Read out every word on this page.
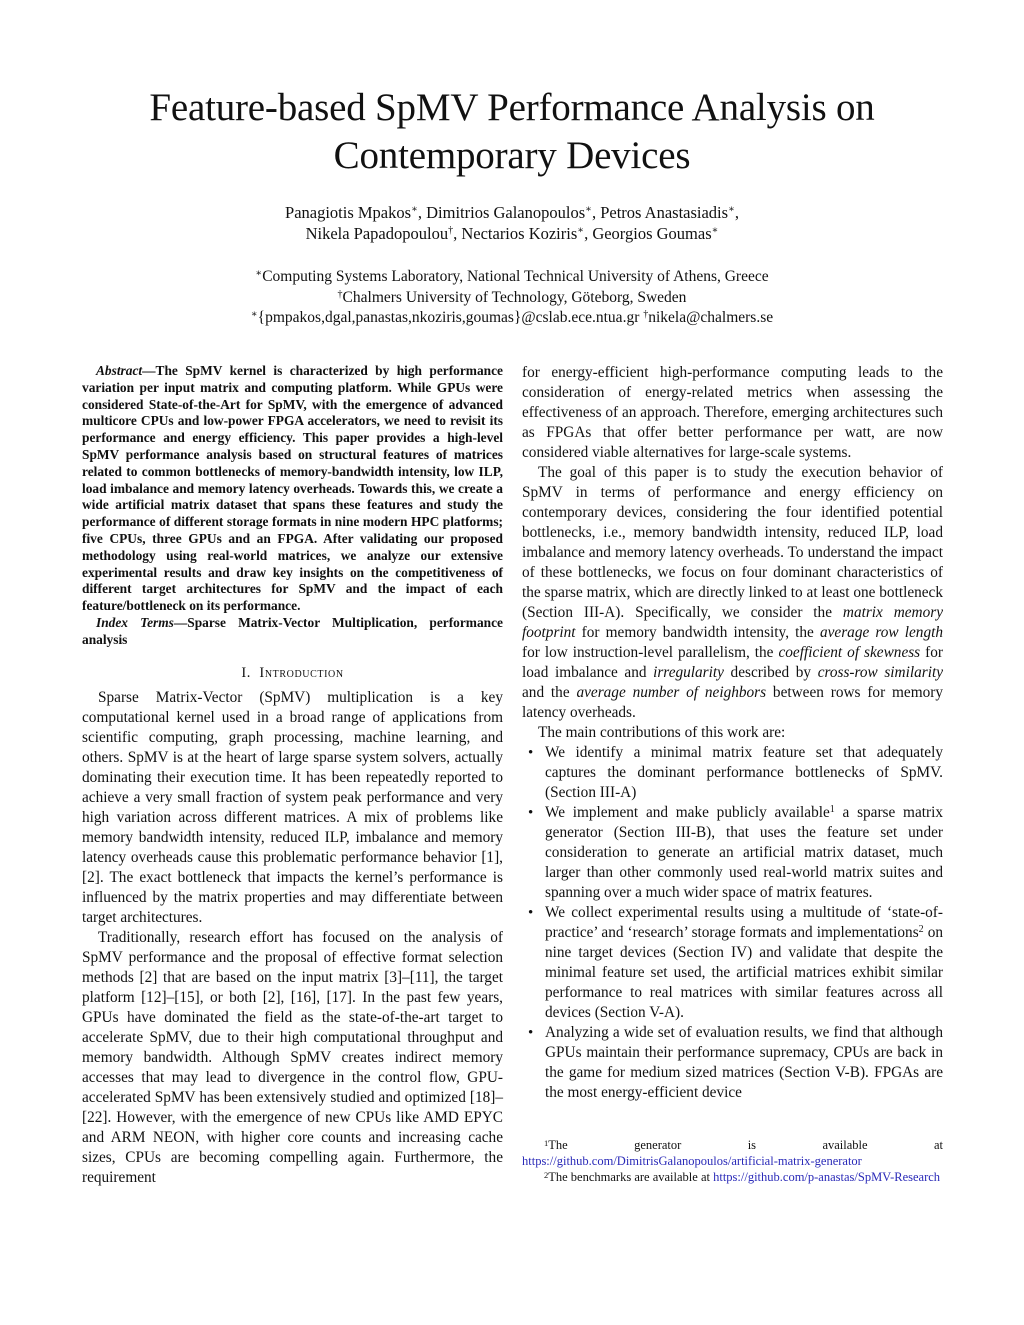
Feature-based SpMV Performance Analysis on
Contemporary Devices
Panagiotis Mpakos∗, Dimitrios Galanopoulos∗, Petros Anastasiadis∗,
Nikela Papadopoulou†, Nectarios Koziris∗, Georgios Goumas∗
∗Computing Systems Laboratory, National Technical University of Athens, Greece
†Chalmers University of Technology, Göteborg, Sweden
∗{pmpakos,dgal,panastas,nkoziris,goumas}@cslab.ece.ntua.gr †nikela@chalmers.se

Abstract—The SpMV kernel is characterized by high performance variation per input matrix and computing platform. While GPUs were considered State-of-the-Art for SpMV, with the emergence of advanced multicore CPUs and low-power FPGA accelerators, we need to revisit its performance and energy efficiency. This paper provides a high-level SpMV performance analysis based on structural features of matrices related to common bottlenecks of memory-bandwidth intensity, low ILP, load imbalance and memory latency overheads. Towards this, we create a wide artificial matrix dataset that spans these features and study the performance of different storage formats in nine modern HPC platforms; five CPUs, three GPUs and an FPGA. After validating our proposed methodology using real-world matrices, we analyze our extensive experimental results and draw key insights on the competitiveness of different target architectures for SpMV and the impact of each feature/bottleneck on its performance.

Index Terms—Sparse Matrix-Vector Multiplication, performance analysis

I. Introduction

Sparse Matrix-Vector (SpMV) multiplication is a key computational kernel used in a broad range of applications from scientific computing, graph processing, machine learning, and others. SpMV is at the heart of large sparse system solvers, actually dominating their execution time. It has been repeatedly reported to achieve a very small fraction of system peak performance and very high variation across different matrices. A mix of problems like memory bandwidth intensity, reduced ILP, imbalance and memory latency overheads cause this problematic performance behavior [1], [2]. The exact bottleneck that impacts the kernel’s performance is influenced by the matrix properties and may differentiate between target architectures.

Traditionally, research effort has focused on the analysis of SpMV performance and the proposal of effective format selection methods [2] that are based on the input matrix [3]–[11], the target platform [12]–[15], or both [2], [16], [17]. In the past few years, GPUs have dominated the field as the state-of-the-art target to accelerate SpMV, due to their high computational throughput and memory bandwidth. Although SpMV creates indirect memory accesses that may lead to divergence in the control flow, GPU-accelerated SpMV has been extensively studied and optimized [18]–[22]. However, with the emergence of new CPUs like AMD EPYC and ARM NEON, with higher core counts and increasing cache sizes, CPUs are becoming compelling again. Furthermore, the requirement

for energy-efficient high-performance computing leads to the consideration of energy-related metrics when assessing the effectiveness of an approach. Therefore, emerging architectures such as FPGAs that offer better performance per watt, are now considered viable alternatives for large-scale systems.

The goal of this paper is to study the execution behavior of SpMV in terms of performance and energy efficiency on contemporary devices, considering the four identified potential bottlenecks, i.e., memory bandwidth intensity, reduced ILP, load imbalance and memory latency overheads. To understand the impact of these bottlenecks, we focus on four dominant characteristics of the sparse matrix, which are directly linked to at least one bottleneck (Section III-A). Specifically, we consider the matrix memory footprint for memory bandwidth intensity, the average row length for low instruction-level parallelism, the coefficient of skewness for load imbalance and irregularity described by cross-row similarity and the average number of neighbors between rows for memory latency overheads.

The main contributions of this work are:

• We identify a minimal matrix feature set that adequately captures the dominant performance bottlenecks of SpMV. (Section III-A)
• We implement and make publicly available$^1$ a sparse matrix generator (Section III-B), that uses the feature set under consideration to generate an artificial matrix dataset, much larger than other commonly used real-world matrix suites and spanning over a much wider space of matrix features.
• We collect experimental results using a multitude of ‘state-of-practice’ and ‘research’ storage formats and implementations$^2$ on nine target devices (Section IV) and validate that despite the minimal feature set used, the artificial matrices exhibit similar performance to real matrices with similar features across all devices (Section V-A).
• Analyzing a wide set of evaluation results, we find that although GPUs maintain their performance supremacy, CPUs are back in the game for medium sized matrices (Section V-B). FPGAs are the most energy-efficient device

$^1$The generator is available at https://github.com/DimitrisGalanopoulos/artificial-matrix-generator

$^2$The benchmarks are available at https://github.com/p-anastas/SpMV-Research
